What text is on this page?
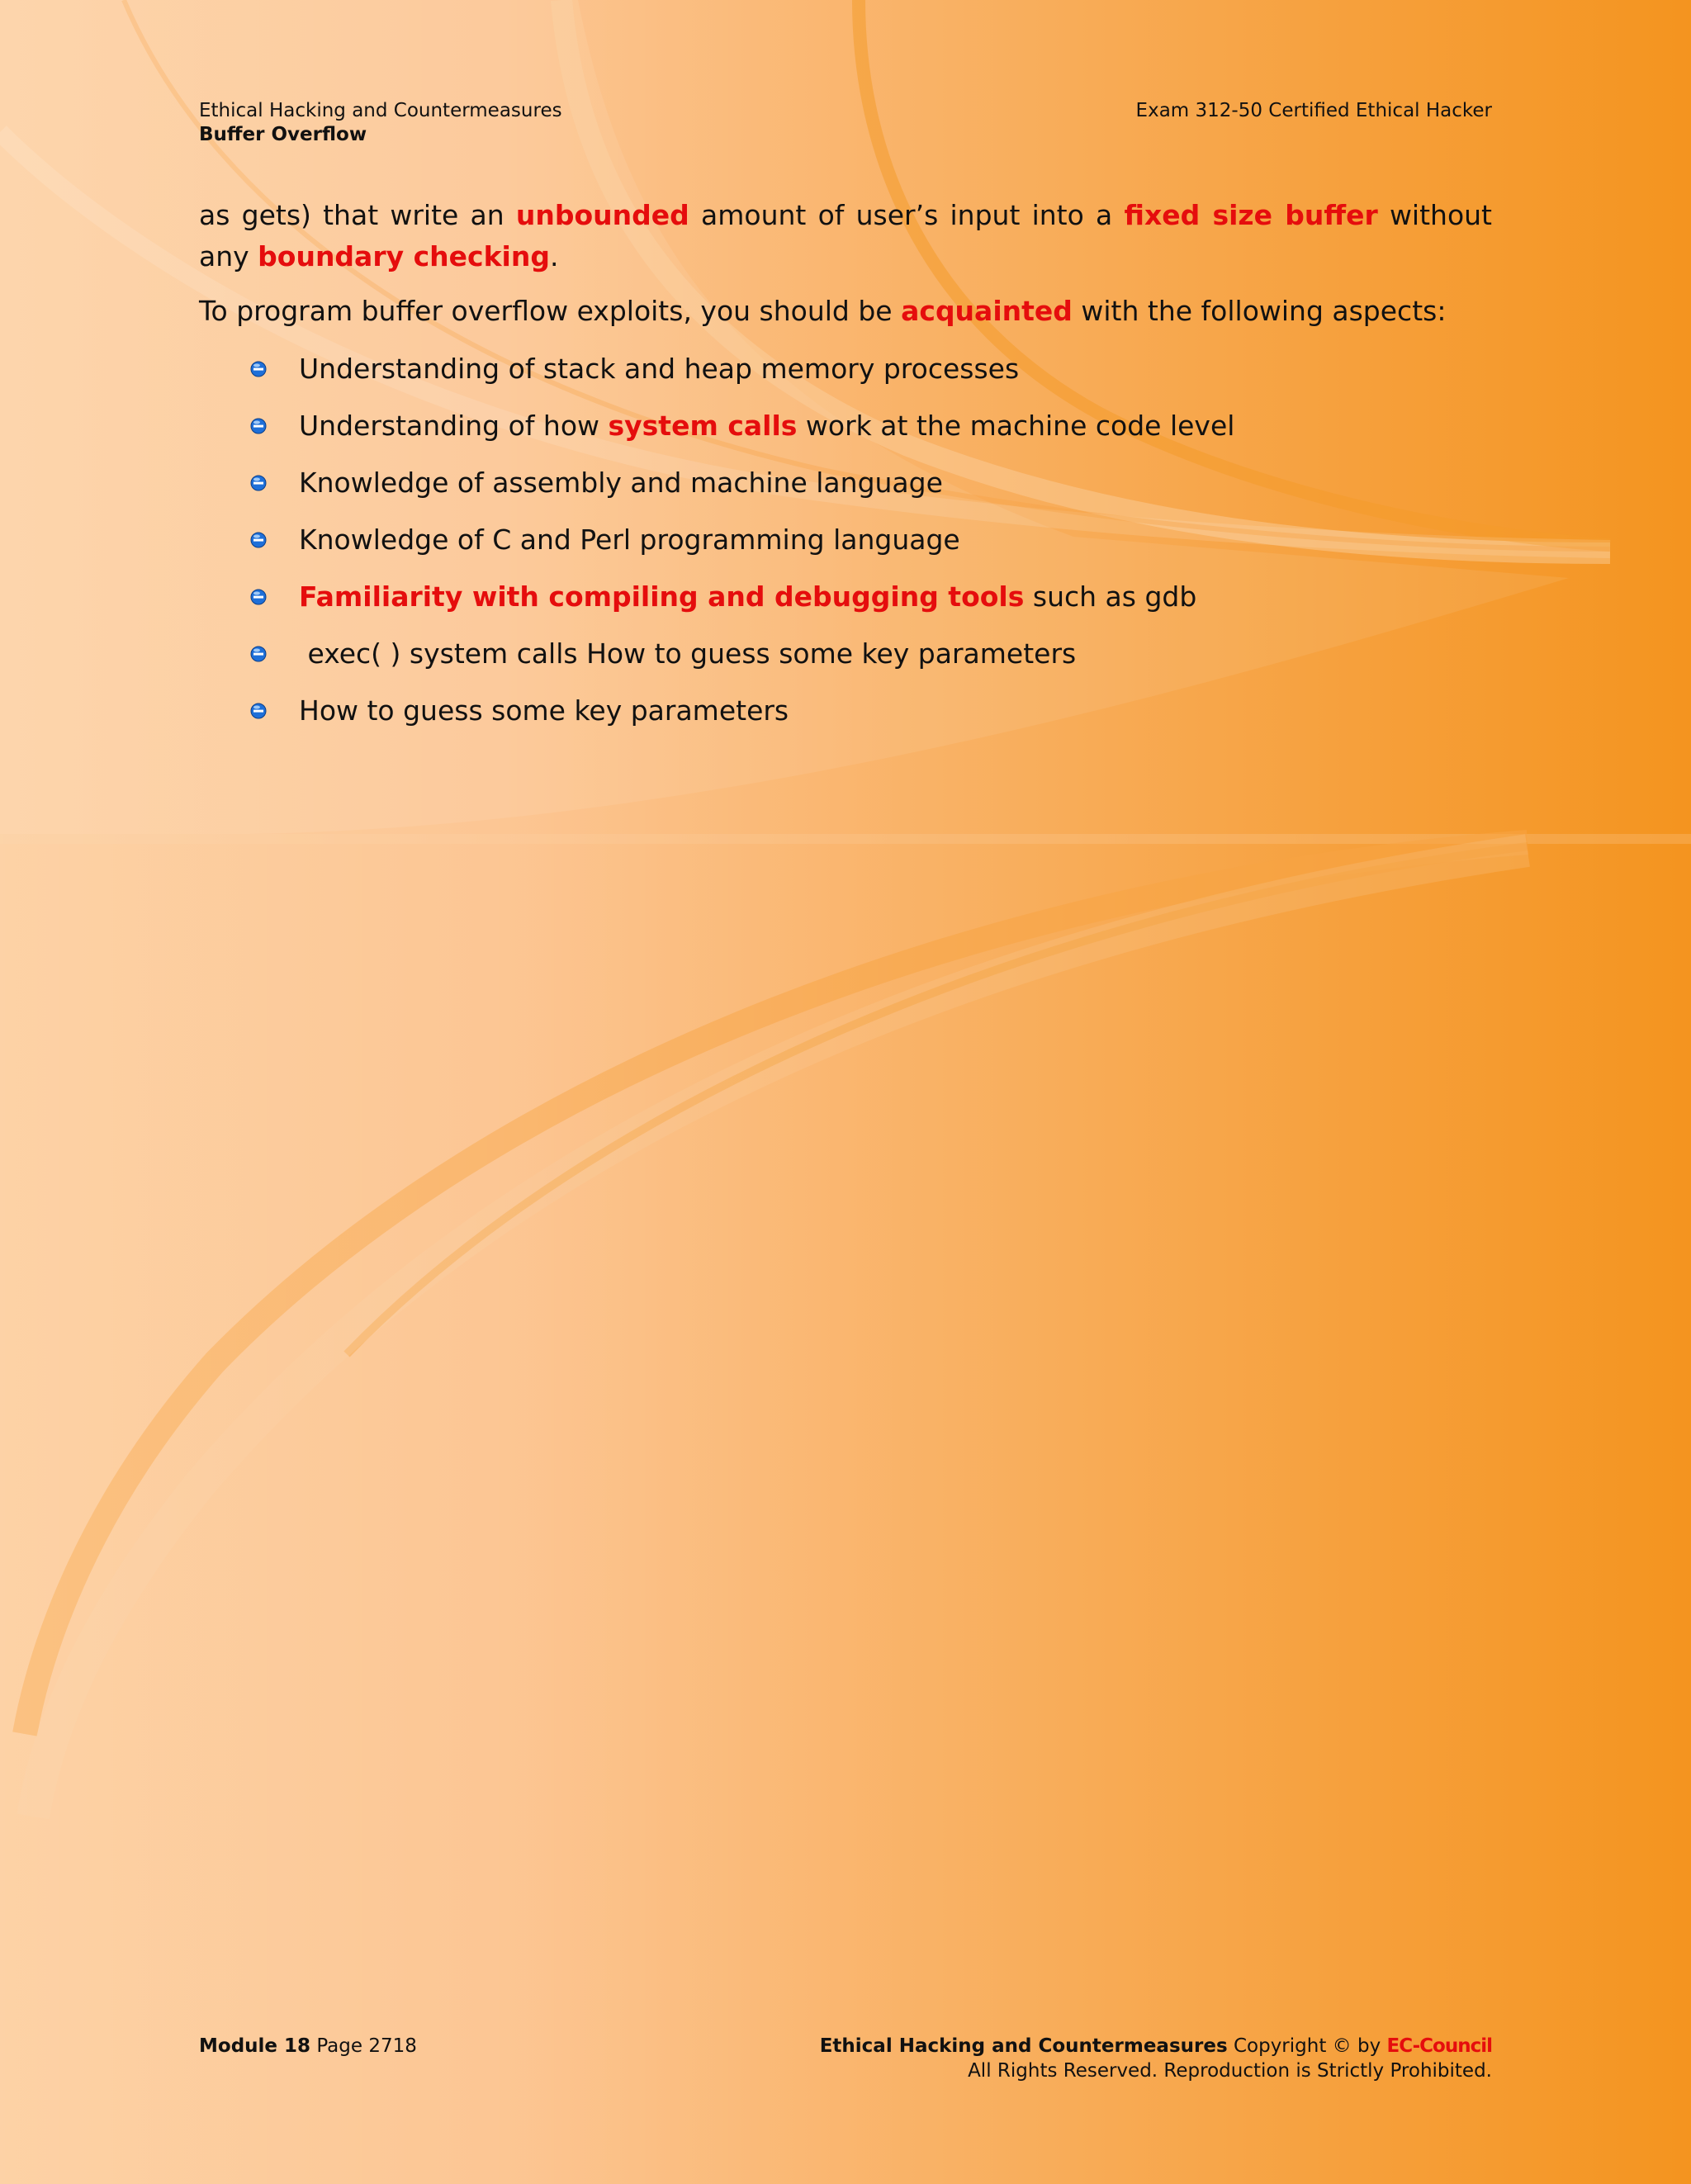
Ethical Hacking and Countermeasures
Buffer Overflow
Exam 312-50 Certified Ethical Hacker

as gets) that write an unbounded amount of user’s input into a fixed size buffer without any boundary checking.

To program buffer overflow exploits, you should be acquainted with the following aspects:

Understanding of stack and heap memory processes
Understanding of how system calls work at the machine code level
Knowledge of assembly and machine language
Knowledge of C and Perl programming language
Familiarity with compiling and debugging tools such as gdb
exec( ) system calls How to guess some key parameters
How to guess some key parameters
Module 18 Page 2718	Ethical Hacking and Countermeasures Copyright © by EC-Council
All Rights Reserved. Reproduction is Strictly Prohibited.
